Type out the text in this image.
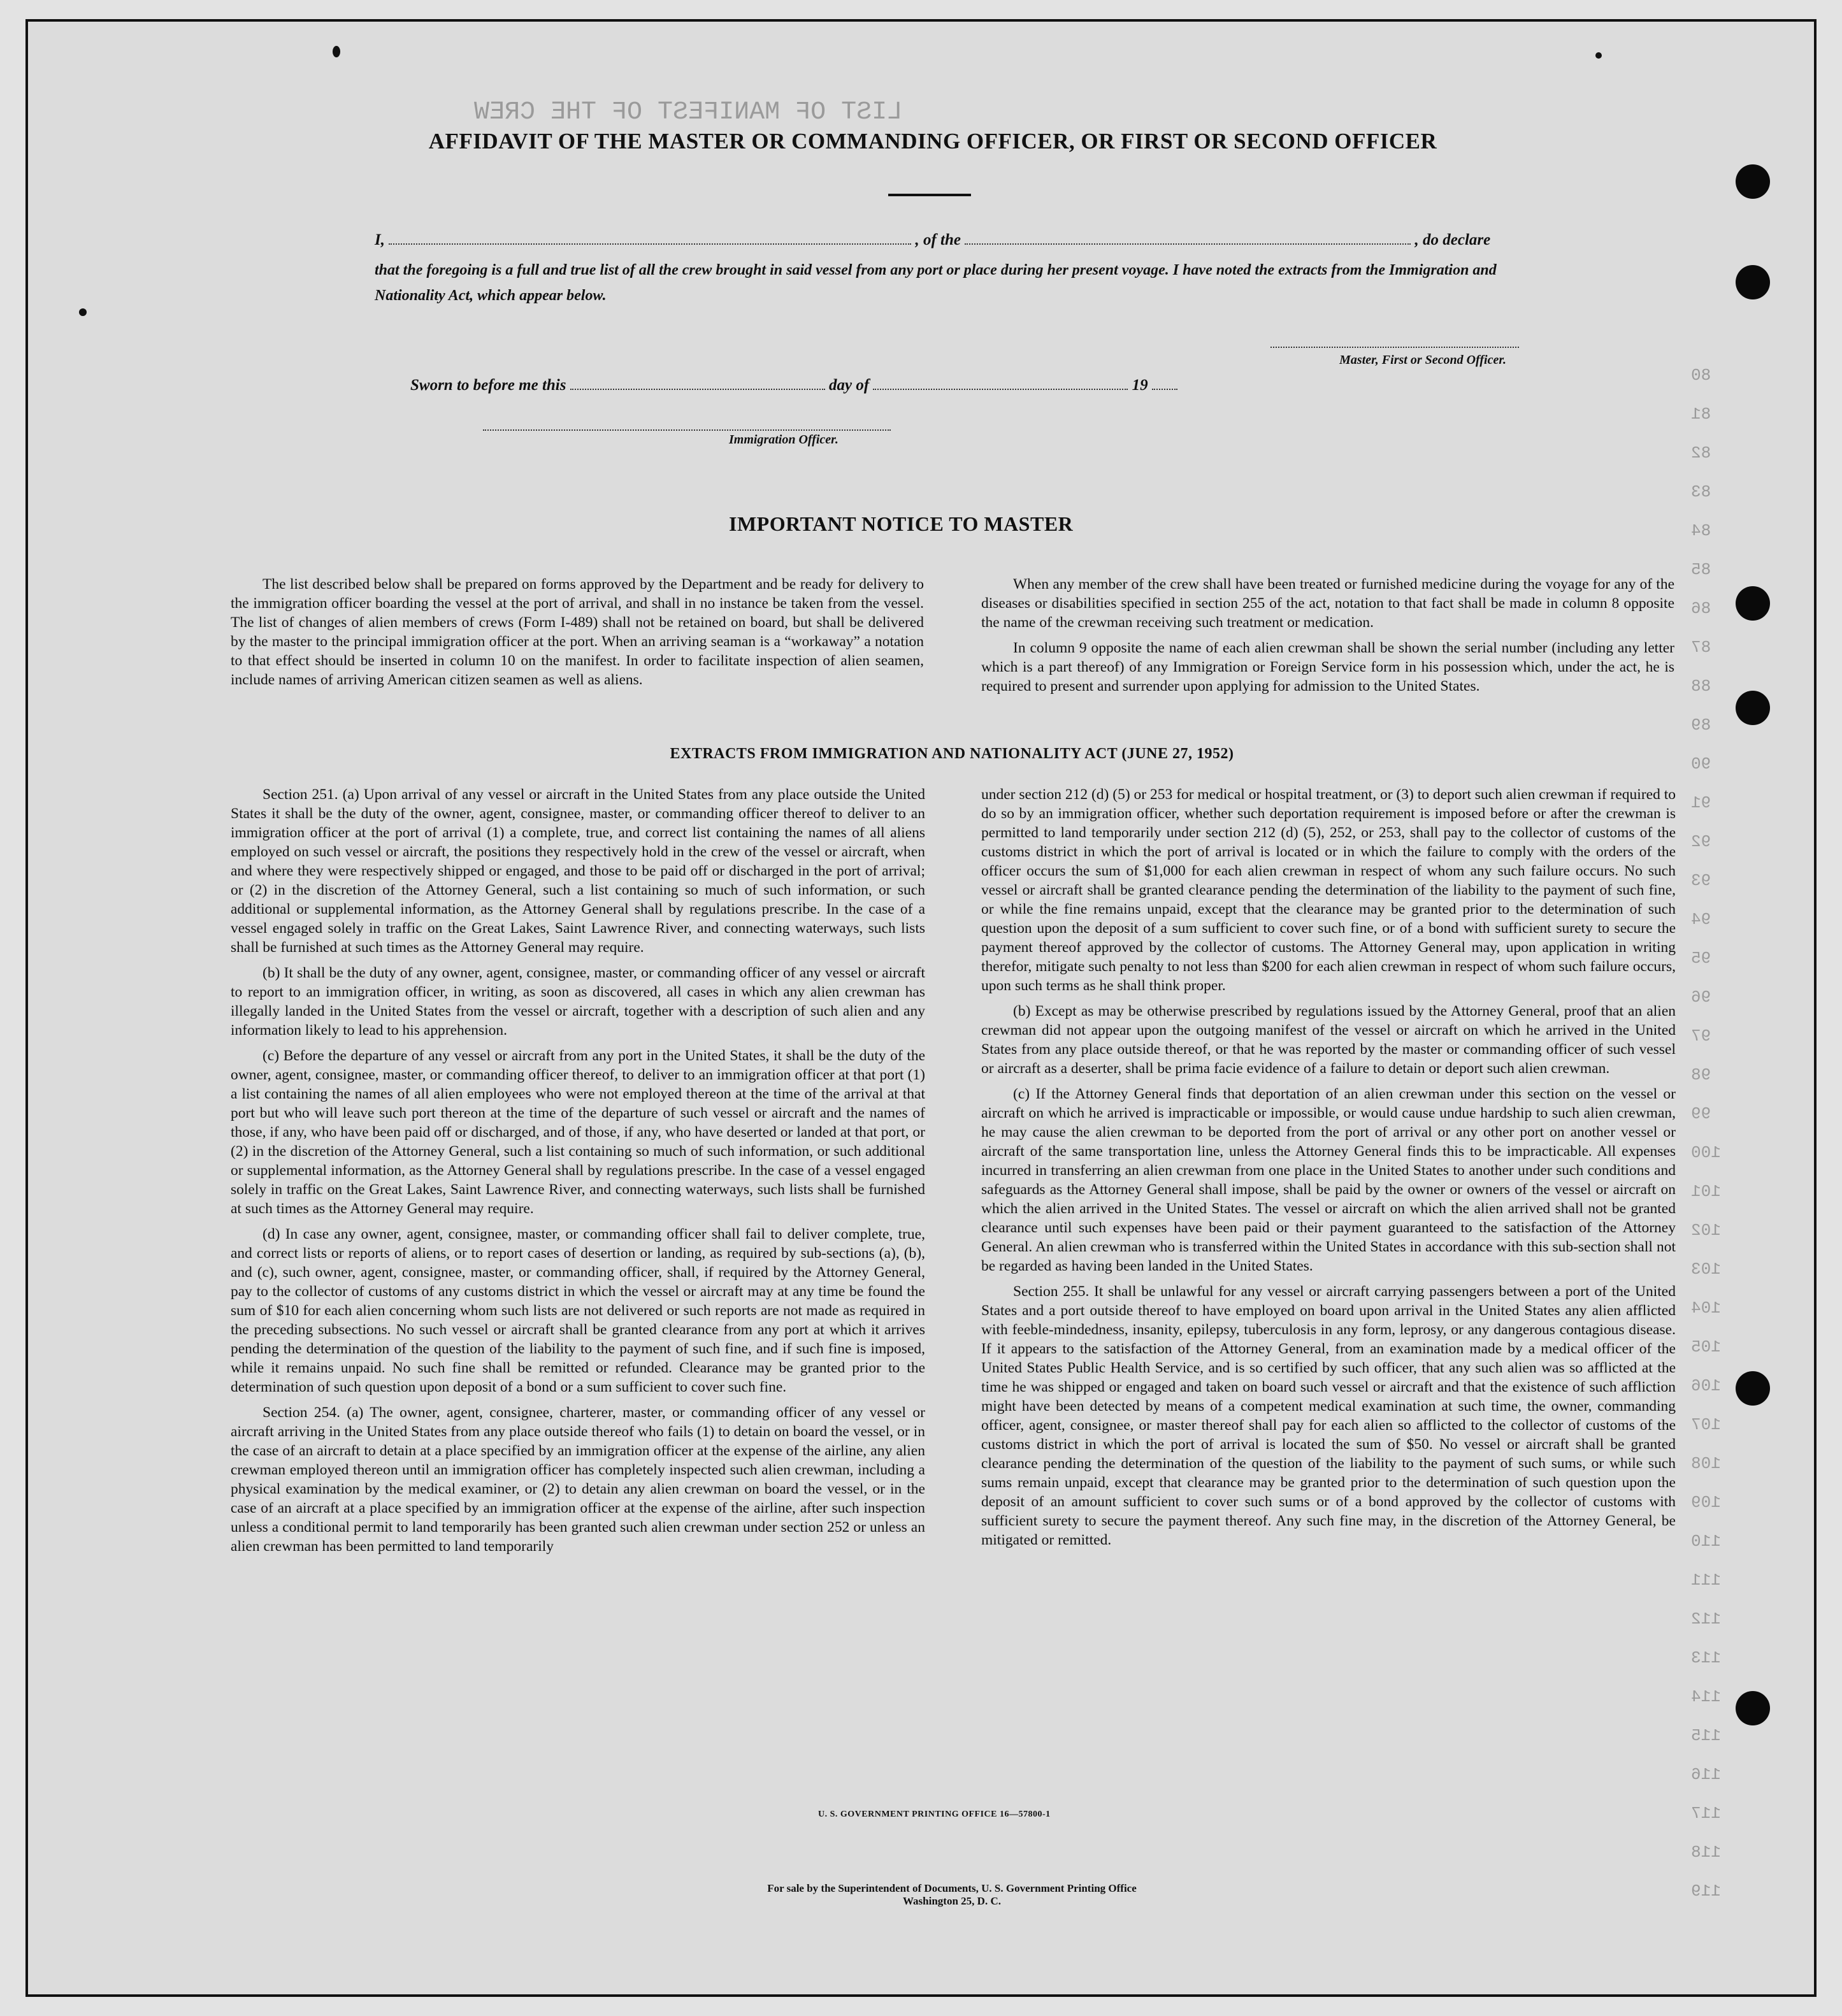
LIST OF MANIFEST OF THE CREW
80
81
82
83
84
85
86
87
88
89
90
91
92
93
94
95
96
97
98
99
100
101
102
103
104
105
106
107
108
109
110
111
112
113
114
115
116
117
118
119
AFFIDAVIT OF THE MASTER OR COMMANDING OFFICER, OR FIRST OR SECOND OFFICER
I,	, of the	, do declare
that the foregoing is a full and true list of all the crew brought in said vessel from any port or place during her present voyage. I have noted the extracts from the Immigration and Nationality Act, which appear below.
Master, First or Second Officer.
Sworn to before me this	day of	19
Immigration Officer.
IMPORTANT NOTICE TO MASTER

The list described below shall be prepared on forms approved by the Department and be ready for delivery to the immigration officer boarding the vessel at the port of arrival, and shall in no instance be taken from the vessel. The list of changes of alien members of crews (Form I-489) shall not be retained on board, but shall be delivered by the master to the principal immigration officer at the port. When an arriving seaman is a “workaway” a notation to that effect should be inserted in column 10 on the manifest. In order to facilitate inspection of alien seamen, include names of arriving American citizen seamen as well as aliens.

When any member of the crew shall have been treated or furnished medicine during the voyage for any of the diseases or disabilities specified in section 255 of the act, notation to that fact shall be made in column 8 opposite the name of the crewman receiving such treatment or medication.

In column 9 opposite the name of each alien crewman shall be shown the serial number (including any letter which is a part thereof) of any Immigration or Foreign Service form in his possession which, under the act, he is required to present and surrender upon applying for admission to the United States.

EXTRACTS FROM IMMIGRATION AND NATIONALITY ACT (JUNE 27, 1952)

Section 251. (a) Upon arrival of any vessel or aircraft in the United States from any place outside the United States it shall be the duty of the owner, agent, consignee, master, or commanding officer thereof to deliver to an immigration officer at the port of arrival (1) a complete, true, and correct list containing the names of all aliens employed on such vessel or aircraft, the positions they respectively hold in the crew of the vessel or aircraft, when and where they were respectively shipped or engaged, and those to be paid off or discharged in the port of arrival; or (2) in the discretion of the Attorney General, such a list containing so much of such information, or such additional or supplemental information, as the Attorney General shall by regulations prescribe. In the case of a vessel engaged solely in traffic on the Great Lakes, Saint Lawrence River, and connecting waterways, such lists shall be furnished at such times as the Attorney General may require.

(b) It shall be the duty of any owner, agent, consignee, master, or commanding officer of any vessel or aircraft to report to an immigration officer, in writing, as soon as discovered, all cases in which any alien crewman has illegally landed in the United States from the vessel or aircraft, together with a description of such alien and any information likely to lead to his apprehension.

(c) Before the departure of any vessel or aircraft from any port in the United States, it shall be the duty of the owner, agent, consignee, master, or commanding officer thereof, to deliver to an immigration officer at that port (1) a list containing the names of all alien employees who were not employed thereon at the time of the arrival at that port but who will leave such port thereon at the time of the departure of such vessel or aircraft and the names of those, if any, who have been paid off or discharged, and of those, if any, who have deserted or landed at that port, or (2) in the discretion of the Attorney General, such a list containing so much of such information, or such additional or supplemental information, as the Attorney General shall by regulations prescribe. In the case of a vessel engaged solely in traffic on the Great Lakes, Saint Lawrence River, and connecting waterways, such lists shall be furnished at such times as the Attorney General may require.

(d) In case any owner, agent, consignee, master, or commanding officer shall fail to deliver complete, true, and correct lists or reports of aliens, or to report cases of desertion or landing, as required by sub-sections (a), (b), and (c), such owner, agent, consignee, master, or commanding officer, shall, if required by the Attorney General, pay to the collector of customs of any customs district in which the vessel or aircraft may at any time be found the sum of $10 for each alien concerning whom such lists are not delivered or such reports are not made as required in the preceding subsections. No such vessel or aircraft shall be granted clearance from any port at which it arrives pending the determination of the question of the liability to the payment of such fine, and if such fine is imposed, while it remains unpaid. No such fine shall be remitted or refunded. Clearance may be granted prior to the determination of such question upon deposit of a bond or a sum sufficient to cover such fine.

Section 254. (a) The owner, agent, consignee, charterer, master, or commanding officer of any vessel or aircraft arriving in the United States from any place outside thereof who fails (1) to detain on board the vessel, or in the case of an aircraft to detain at a place specified by an immigration officer at the expense of the airline, any alien crewman employed thereon until an immigration officer has completely inspected such alien crewman, including a physical examination by the medical examiner, or (2) to detain any alien crewman on board the vessel, or in the case of an aircraft at a place specified by an immigration officer at the expense of the airline, after such inspection unless a conditional permit to land temporarily has been granted such alien crewman under section 252 or unless an alien crewman has been permitted to land temporarily

under section 212 (d) (5) or 253 for medical or hospital treatment, or (3) to deport such alien crewman if required to do so by an immigration officer, whether such deportation requirement is imposed before or after the crewman is permitted to land temporarily under section 212 (d) (5), 252, or 253, shall pay to the collector of customs of the customs district in which the port of arrival is located or in which the failure to comply with the orders of the officer occurs the sum of $1,000 for each alien crewman in respect of whom any such failure occurs. No such vessel or aircraft shall be granted clearance pending the determination of the liability to the payment of such fine, or while the fine remains unpaid, except that the clearance may be granted prior to the determination of such question upon the deposit of a sum sufficient to cover such fine, or of a bond with sufficient surety to secure the payment thereof approved by the collector of customs. The Attorney General may, upon application in writing therefor, mitigate such penalty to not less than $200 for each alien crewman in respect of whom such failure occurs, upon such terms as he shall think proper.

(b) Except as may be otherwise prescribed by regulations issued by the Attorney General, proof that an alien crewman did not appear upon the outgoing manifest of the vessel or aircraft on which he arrived in the United States from any place outside thereof, or that he was reported by the master or commanding officer of such vessel or aircraft as a deserter, shall be prima facie evidence of a failure to detain or deport such alien crewman.

(c) If the Attorney General finds that deportation of an alien crewman under this section on the vessel or aircraft on which he arrived is impracticable or impossible, or would cause undue hardship to such alien crewman, he may cause the alien crewman to be deported from the port of arrival or any other port on another vessel or aircraft of the same transportation line, unless the Attorney General finds this to be impracticable. All expenses incurred in transferring an alien crewman from one place in the United States to another under such conditions and safeguards as the Attorney General shall impose, shall be paid by the owner or owners of the vessel or aircraft on which the alien arrived in the United States. The vessel or aircraft on which the alien arrived shall not be granted clearance until such expenses have been paid or their payment guaranteed to the satisfaction of the Attorney General. An alien crewman who is transferred within the United States in accordance with this sub-section shall not be regarded as having been landed in the United States.

Section 255. It shall be unlawful for any vessel or aircraft carrying passengers between a port of the United States and a port outside thereof to have employed on board upon arrival in the United States any alien afflicted with feeble-mindedness, insanity, epilepsy, tuberculosis in any form, leprosy, or any dangerous contagious disease. If it appears to the satisfaction of the Attorney General, from an examination made by a medical officer of the United States Public Health Service, and is so certified by such officer, that any such alien was so afflicted at the time he was shipped or engaged and taken on board such vessel or aircraft and that the existence of such affliction might have been detected by means of a competent medical examination at such time, the owner, commanding officer, agent, consignee, or master thereof shall pay for each alien so afflicted to the collector of customs of the customs district in which the port of arrival is located the sum of $50. No vessel or aircraft shall be granted clearance pending the determination of the question of the liability to the payment of such sums, or while such sums remain unpaid, except that clearance may be granted prior to the determination of such question upon the deposit of an amount sufficient to cover such sums or of a bond approved by the collector of customs with sufficient surety to secure the payment thereof. Any such fine may, in the discretion of the Attorney General, be mitigated or remitted.

U. S. GOVERNMENT PRINTING OFFICE 16—57800-1
For sale by the Superintendent of Documents, U. S. Government Printing Office
Washington 25, D. C.
